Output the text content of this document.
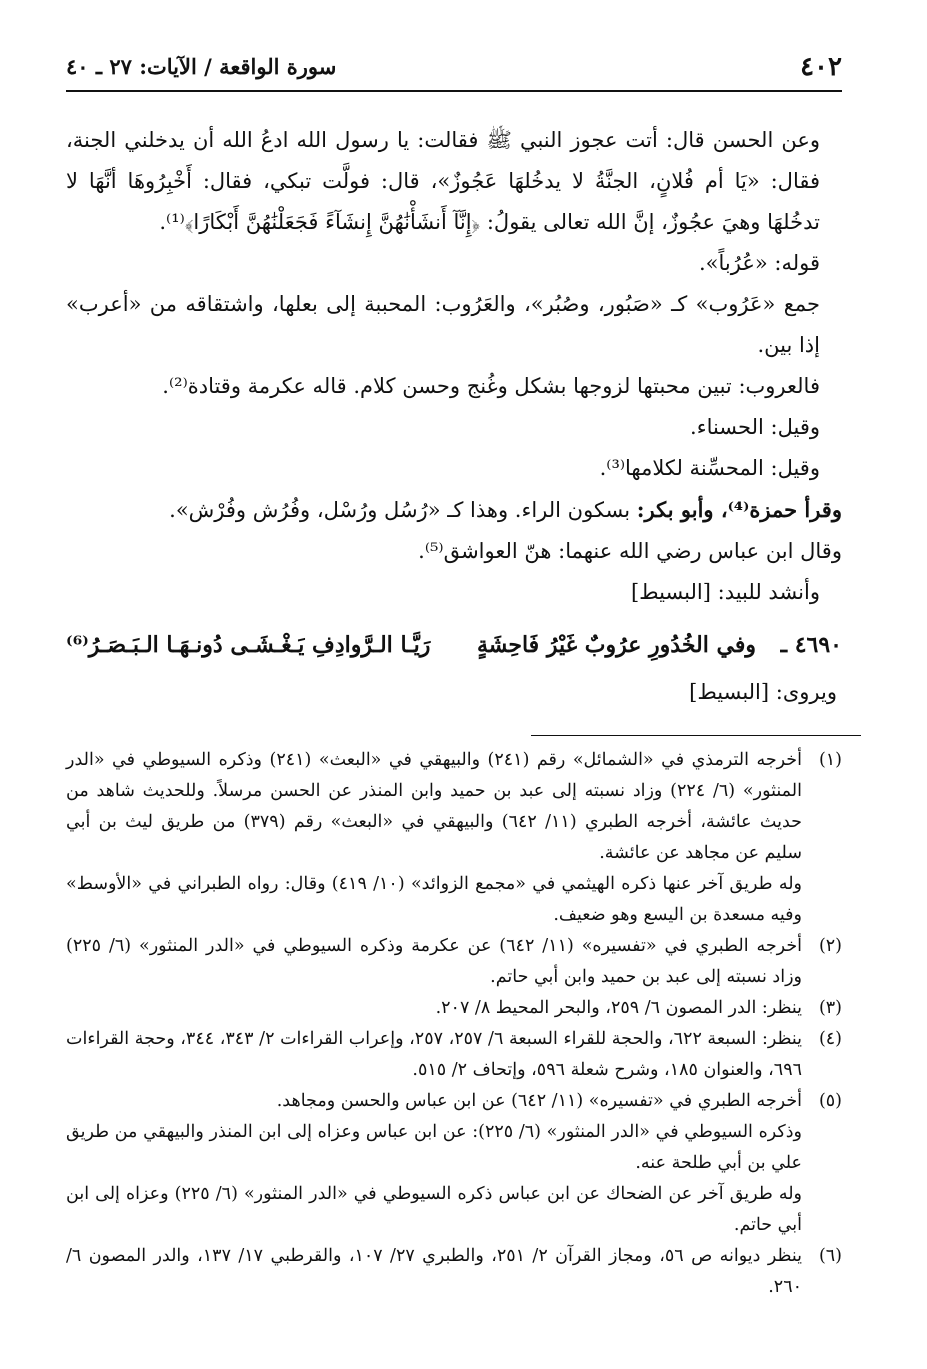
٤٠٢
سورة الواقعة / الآيات: ٢٧ ـ ٤٠

وعن الحسن قال: أتت عجوز النبي ﷺ فقالت: يا رسول الله ادعُ الله أن يدخلني الجنة، فقال: «يَا أم فُلانٍ، الجنَّةُ لا يدخُلهَا عَجُوزٌ»، قال: فولَّت تبكي، فقال: أَخْبِرُوهَا أنَّهَا لا تدخُلهَا وهيَ عجُوزٌ، إنَّ الله تعالى يقولُ: ﴿إِنَّآ أَنشَأْنَٰهُنَّ إِنشَآءً فَجَعَلْنَٰهُنَّ أَبْكَارًا﴾⁽¹⁾.

قوله: «عُرُباً».

جمع «عَرُوب» كـ «صَبُور، وصُبُر»، والعَرُوب: المحببة إلى بعلها، واشتقاقه من «أعرب» إذا بين.

فالعروب: تبين محبتها لزوجها بشكل وغُنج وحسن كلام. قاله عكرمة وقتادة⁽²⁾.

وقيل: الحسناء.

وقيل: المحسِّنة لكلامها⁽³⁾.

وقرأ حمزة⁽⁴⁾، وأبو بكر: بسكون الراء. وهذا كـ «رُسُل ورُسْل، وفُرُش وفُرْش».

وقال ابن عباس رضي الله عنهما: هنّ العواشق⁽⁵⁾.

وأنشد للبيد: [البسيط]

٤٦٩٠ ـ
وفي الخُدُورِ عرُوبٌ غَيْرُ فَاحِشَةٍ
رَيَّـا الـرَّوادِفِ يَـغْـشَـى دُونـهَـا الـبَـصَـرُ⁽⁶⁾
ويروى: [البسيط]
(١)

أخرجه الترمذي في «الشمائل» رقم (٢٤١) والبيهقي في «البعث» (٢٤١) وذكره السيوطي في «الدر المنثور» (٦/ ٢٢٤) وزاد نسبته إلى عبد بن حميد وابن المنذر عن الحسن مرسلاً. وللحديث شاهد من حديث عائشة، أخرجه الطبري (١١/ ٦٤٢) والبيهقي في «البعث» رقم (٣٧٩) من طريق ليث بن أبي سليم عن مجاهد عن عائشة.

وله طريق آخر عنها ذكره الهيثمي في «مجمع الزوائد» (١٠/ ٤١٩) وقال: رواه الطبراني في «الأوسط» وفيه مسعدة بن اليسع وهو ضعيف.

(٢)

أخرجه الطبري في «تفسيره» (١١/ ٦٤٢) عن عكرمة وذكره السيوطي في «الدر المنثور» (٦/ ٢٢٥) وزاد نسبته إلى عبد بن حميد وابن أبي حاتم.

(٣)

ينظر: الدر المصون ٦/ ٢٥٩، والبحر المحيط ٨/ ٢٠٧.

(٤)

ينظر: السبعة ٦٢٢، والحجة للقراء السبعة ٦/ ٢٥٧، ٢٥٧، وإعراب القراءات ٢/ ٣٤٣، ٣٤٤، وحجة القراءات ٦٩٦، والعنوان ١٨٥، وشرح شعلة ٥٩٦، وإتحاف ٢/ ٥١٥.

(٥)

أخرجه الطبري في «تفسيره» (١١/ ٦٤٢) عن ابن عباس والحسن ومجاهد.

وذكره السيوطي في «الدر المنثور» (٦/ ٢٢٥): عن ابن عباس وعزاه إلى ابن المنذر والبيهقي من طريق علي بن أبي طلحة عنه.

وله طريق آخر عن الضحاك عن ابن عباس ذكره السيوطي في «الدر المنثور» (٦/ ٢٢٥) وعزاه إلى ابن أبي حاتم.

(٦)

ينظر ديوانه ص ٥٦، ومجاز القرآن ٢/ ٢٥١، والطبري ٢٧/ ١٠٧، والقرطبي ١٧/ ١٣٧، والدر المصون ٦/ ٢٦٠.
